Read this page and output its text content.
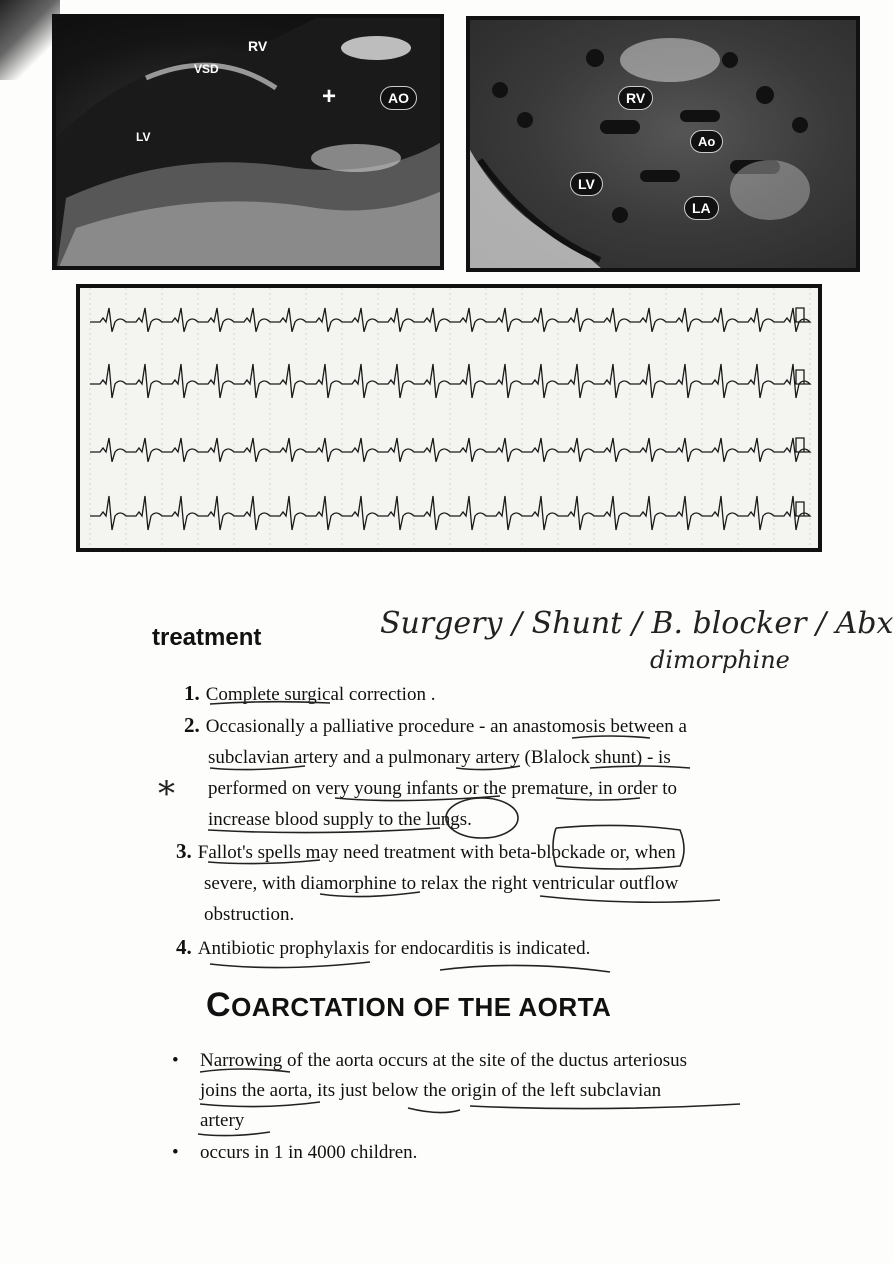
+
RV
VSD
AO
LV
RV
Ao
LV
LA
Surgery / Shunt / B. blocker / Abx
dimorphine
*
treatment
1. Complete surgical correction .
2. Occasionally a palliative procedure - an anastomosis between a
subclavian artery and a pulmonary artery (Blalock shunt) - is
performed on very young infants or the premature, in order to
increase blood supply to the lungs.
3. Fallot's spells may need treatment with beta-blockade or, when
severe, with diamorphine to relax the right ventricular outflow
obstruction.
4. Antibiotic prophylaxis for endocarditis is indicated.
COARCTATION OF THE AORTA
• Narrowing of the aorta occurs at the site of the ductus arteriosus
joins the aorta, its just below the origin of the left subclavian
artery
• occurs in 1 in 4000 children.
